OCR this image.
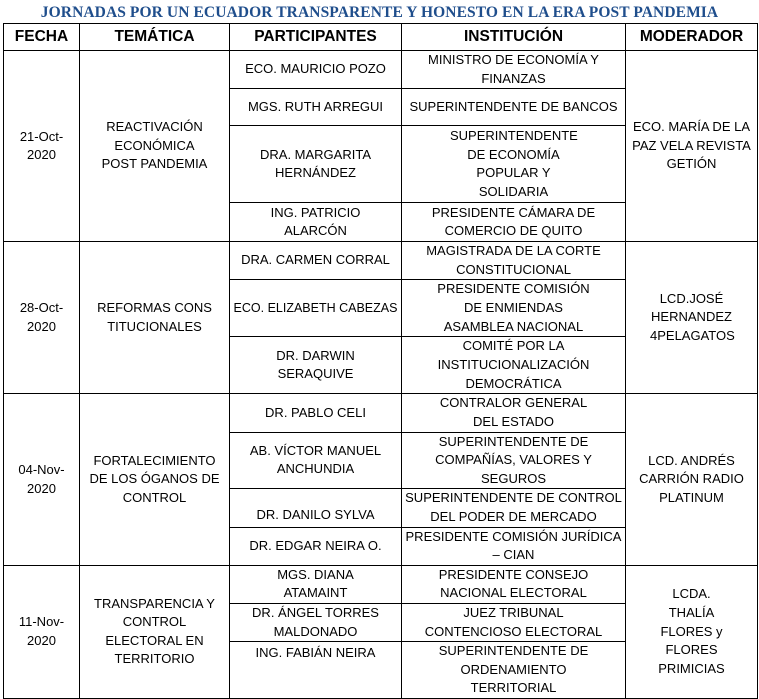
JORNADAS POR UN ECUADOR TRANSPARENTE Y HONESTO EN LA ERA POST PANDEMIA
FECHA	TEMÁTICA	PARTICIPANTES	INSTITUCIÓN	MODERADOR
21-Oct-2020	REACTIVACIÓN ECONÓMICA POST PANDEMIA	ECO. MAURICIO POZO	MINISTRO DE ECONOMÍA Y FINANZAS	ECO. MARÍA DE LA PAZ VELA REVISTA GETIÓN
		MGS. RUTH ARREGUI	SUPERINTENDENTE DE BANCOS	
		DRA. MARGARITA HERNÁNDEZ	SUPERINTENDENTE DE ECONOMÍA POPULAR Y SOLIDARIA	
		ING. PATRICIO ALARCÓN	PRESIDENTE CÁMARA DE COMERCIO DE QUITO	
28-Oct-2020	REFORMAS CONSTITUCIONALES	DRA. CARMEN CORRAL	MAGISTRADA DE LA CORTE CONSTITUCIONAL	LCD.JOSÉ HERNANDEZ 4PELAGATOS
		ECO. ELIZABETH CABEZAS	PRESIDENTE COMISIÓN DE ENMIENDAS ASAMBLEA NACIONAL	
		DR. DARWIN SERAQUIVE	COMITÉ POR LA INSTITUCIONALIZACIÓN DEMOCRÁTICA	
04-Nov-2020	FORTALECIMIENTO DE LOS ÓGANOS DE CONTROL	DR. PABLO CELI	CONTRALOR GENERAL DEL ESTADO	LCD. ANDRÉS CARRIÓN RADIO PLATINUM
		AB. VÍCTOR MANUEL ANCHUNDIA	SUPERINTENDENTE DE COMPAÑÍAS, VALORES Y SEGUROS	
		DR. DANILO SYLVA	SUPERINTENDENTE DE CONTROL DEL PODER DE MERCADO	
		DR. EDGAR NEIRA O.	PRESIDENTE COMISIÓN JURÍDICA – CIAN	
11-Nov-2020	TRANSPARENCIA Y CONTROL ELECTORAL EN TERRITORIO	MGS. DIANA ATAMAINT	PRESIDENTE CONSEJO NACIONAL ELECTORAL	LCDA. THALÍA FLORES y FLORES PRIMICIAS
		DR. ÁNGEL TORRES MALDONADO	JUEZ TRIBUNAL CONTENCIOSO ELECTORAL	
		ING. FABIÁN NEIRA	SUPERINTENDENTE DE ORDENAMIENTO TERRITORIAL	
